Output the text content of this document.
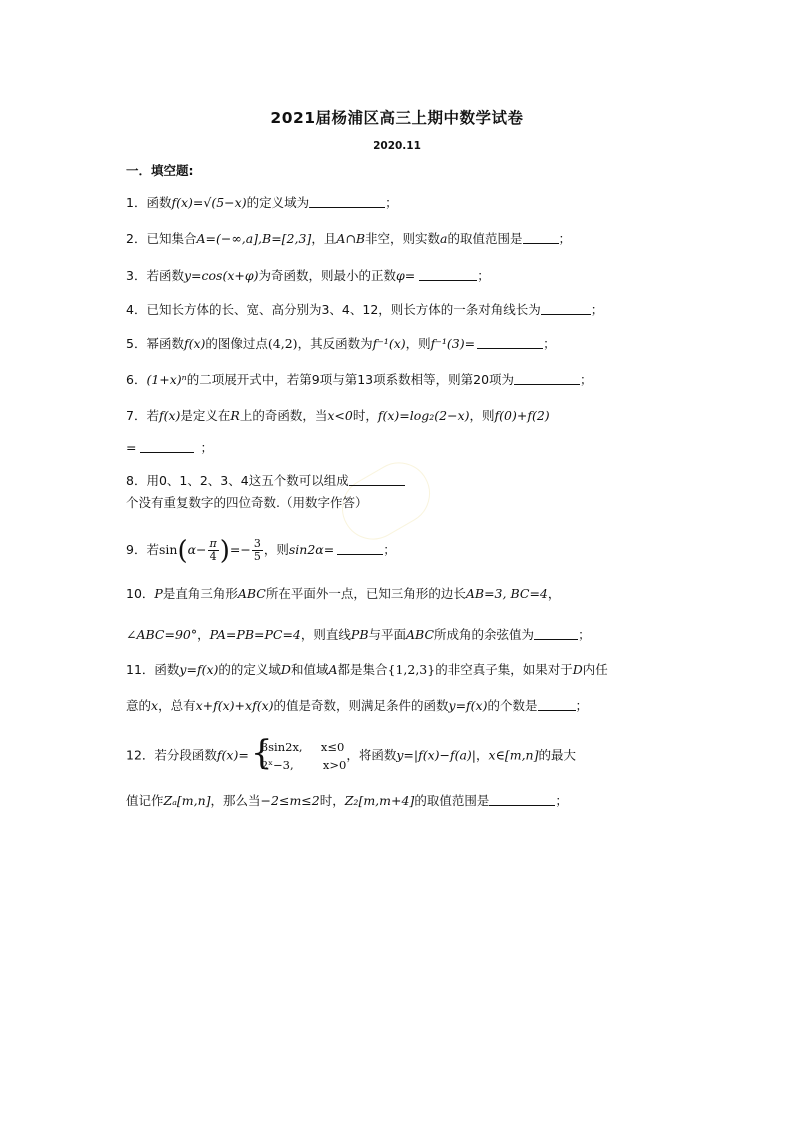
2021届杨浦区高三上期中数学试卷
2020.11
一．填空题:
1．函数f(x)=√(5−x)的定义域为	；
2．已知集合A=(−∞,a],B=[2,3]，且A∩B非空，则实数a的取值范围是	；
3．若函数y=cos(x+φ)为奇函数，则最小的正数φ=	；
4．已知长方体的长、宽、高分别为3、4、12，则长方体的一条对角线长为	；
5．幂函数f(x)的图像过点(4,2)，其反函数为f⁻¹(x)，则f⁻¹(3)=	；
6．(1+x)ⁿ的二项展开式中，若第9项与第13项系数相等，则第20项为	；
7．若f(x)是定义在R上的奇函数，当x<0时，f(x)=log₂(2−x)，则f(0)+f(2)
=	；
8．用0、1、2、3、4这五个数可以组成个没有重复数字的四位奇数.（用数字作答）
9．若$\sin(\alpha- \frac{\pi}{4}$ )=− $\frac{3}{5}$ ，则sin2α=	；
10．P是直角三角形ABC所在平面外一点，已知三角形的边长AB=3, BC=4，
∠ABC=90°，PA=PB=PC=4，则直线PB与平面ABC所成角的余弦值为	；
11．函数y=f(x)的的定义域D和值域A都是集合{1,2,3}的非空真子集，如果对于D内任
意的x，总有x+f(x)+xf(x)的值是奇数，则满足条件的函数y=f(x)的个数是	；
12．若分段函数f(x)= {
3sin2x,     x≤0
2ˣ−3,        x>0
，将函数y=|f(x)−f(a)|，x∈[m,n]的最大
值记作Zₐ[m,n]，那么当−2≤m≤2时，Z₂[m,m+4]的取值范围是	；
